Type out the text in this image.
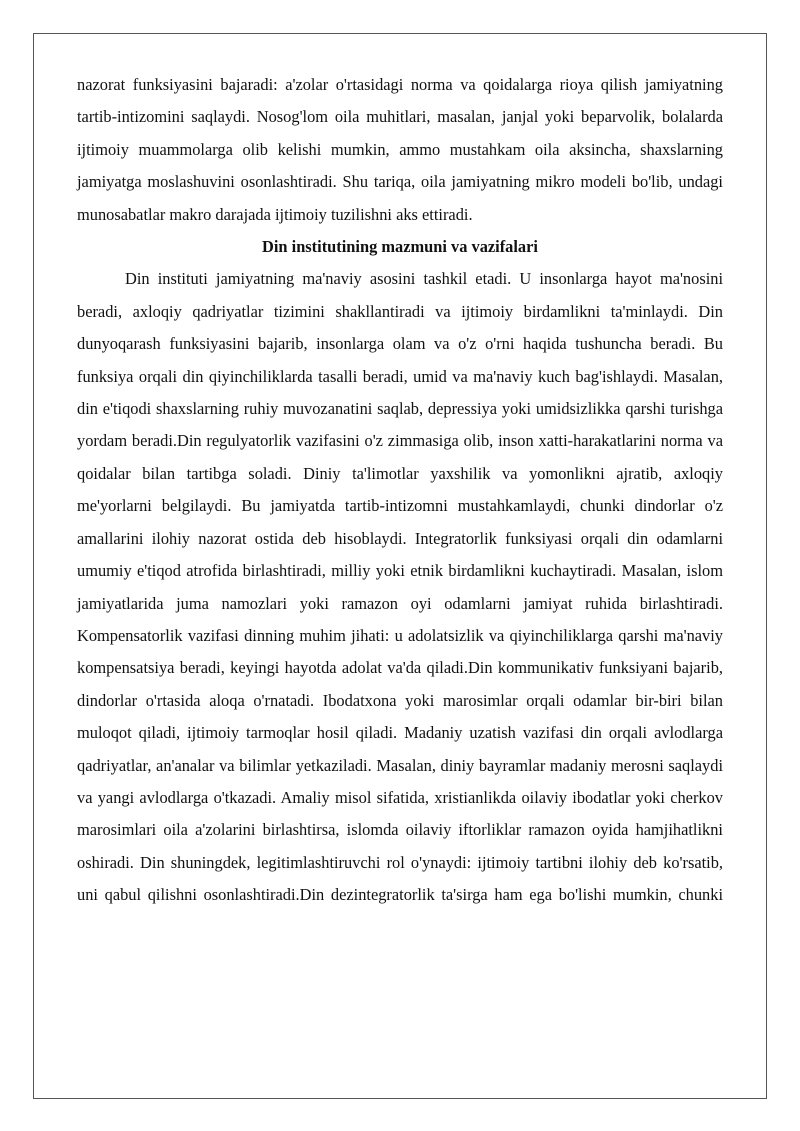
nazorat funksiyasini bajaradi: a'zolar o'rtasidagi norma va qoidalarga rioya qilish jamiyatning tartib-intizomini saqlaydi. Nosog'lom oila muhitlari, masalan, janjal yoki beparvolik, bolalarda ijtimoiy muammolarga olib kelishi mumkin, ammo mustahkam oila aksincha, shaxslarning jamiyatga moslashuvini osonlashtiradi. Shu tariqa, oila jamiyatning mikro modeli bo'lib, undagi munosabatlar makro darajada ijtimoiy tuzilishni aks ettiradi.

Din institutining mazmuni va vazifalari

Din instituti jamiyatning ma'naviy asosini tashkil etadi. U insonlarga hayot ma'nosini beradi, axloqiy qadriyatlar tizimini shakllantiradi va ijtimoiy birdamlikni ta'minlaydi. Din dunyoqarash funksiyasini bajarib, insonlarga olam va o'z o'rni haqida tushuncha beradi. Bu funksiya orqali din qiyinchiliklarda tasalli beradi, umid va ma'naviy kuch bag'ishlaydi. Masalan, din e'tiqodi shaxslarning ruhiy muvozanatini saqlab, depressiya yoki umidsizlikka qarshi turishga yordam beradi.Din regulyatorlik vazifasini o'z zimmasiga olib, inson xatti-harakatlarini norma va qoidalar bilan tartibga soladi. Diniy ta'limotlar yaxshilik va yomonlikni ajratib, axloqiy me'yorlarni belgilaydi. Bu jamiyatda tartib-intizomni mustahkamlaydi, chunki dindorlar o'z amallarini ilohiy nazorat ostida deb hisoblaydi. Integratorlik funksiyasi orqali din odamlarni umumiy e'tiqod atrofida birlashtiradi, milliy yoki etnik birdamlikni kuchaytiradi. Masalan, islom jamiyatlarida juma namozlari yoki ramazon oyi odamlarni jamiyat ruhida birlashtiradi. Kompensatorlik vazifasi dinning muhim jihati: u adolatsizlik va qiyinchiliklarga qarshi ma'naviy kompensatsiya beradi, keyingi hayotda adolat va'da qiladi.Din kommunikativ funksiyani bajarib, dindorlar o'rtasida aloqa o'rnatadi. Ibodatxona yoki marosimlar orqali odamlar bir-biri bilan muloqot qiladi, ijtimoiy tarmoqlar hosil qiladi. Madaniy uzatish vazifasi din orqali avlodlarga qadriyatlar, an'analar va bilimlar yetkaziladi. Masalan, diniy bayramlar madaniy merosni saqlaydi va yangi avlodlarga o'tkazadi. Amaliy misol sifatida, xristianlikda oilaviy ibodatlar yoki cherkov marosimlari oila a'zolarini birlashtirsa, islomda oilaviy iftorliklar ramazon oyida hamjihatlikni oshiradi. Din shuningdek, legitimlashtiruvchi rol o'ynaydi: ijtimoiy tartibni ilohiy deb ko'rsatib, uni qabul qilishni osonlashtiradi.Din dezintegratorlik ta'sirga ham ega bo'lishi mumkin, chunki
